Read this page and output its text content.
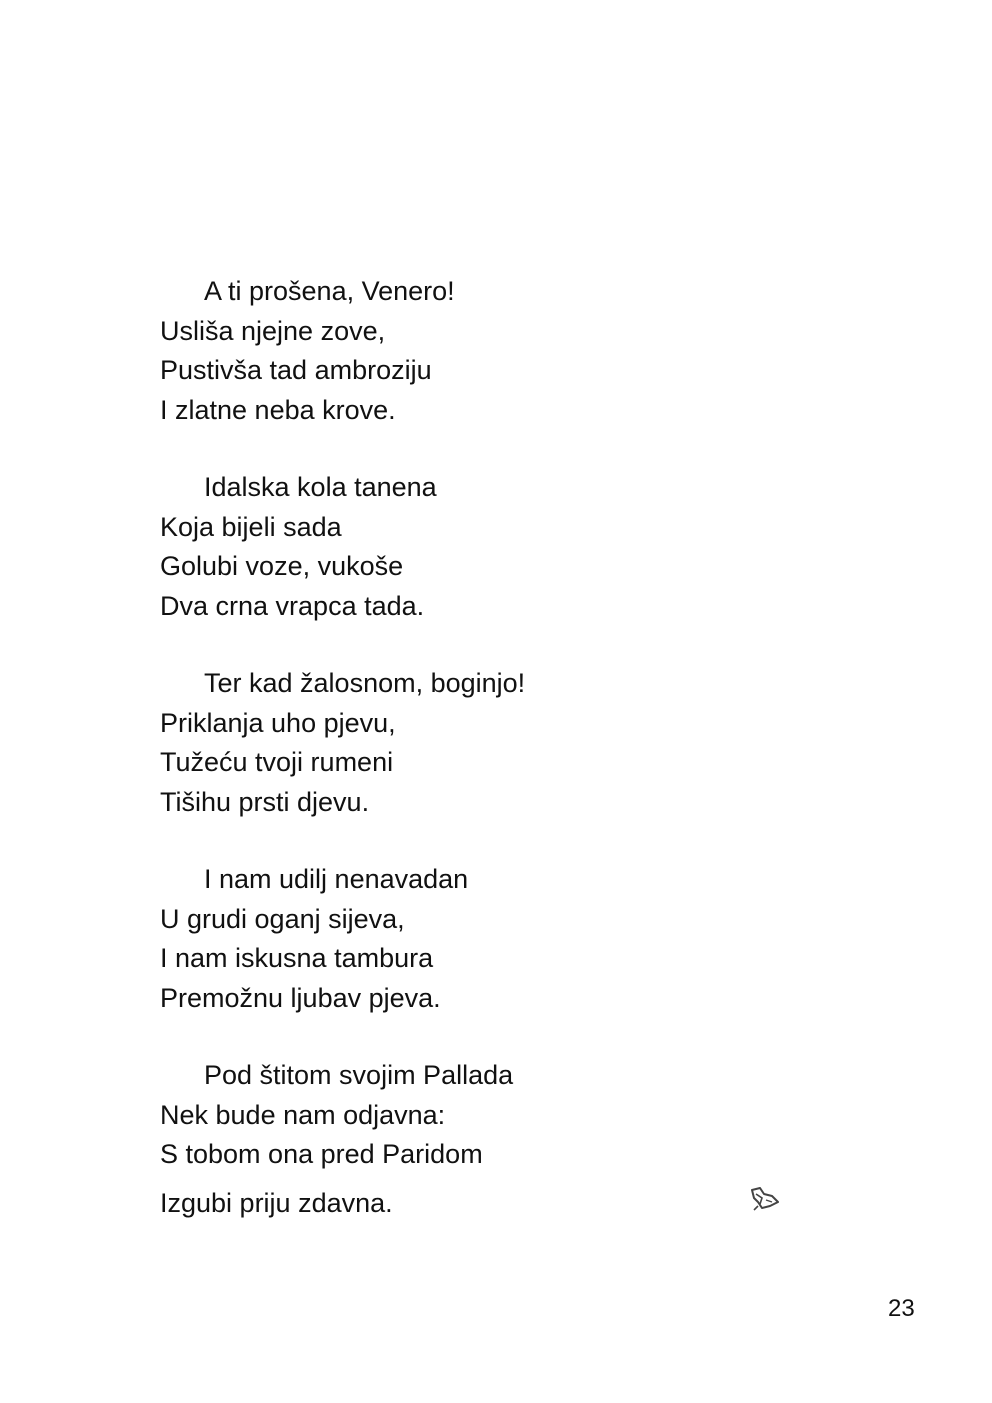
A ti prošena, Venero!
Usliša njejne zove,
Pustivša tad ambroziju
I zlatne neba krove.
Idalska kola tanena
Koja bijeli sada
Golubi voze, vukoše
Dva crna vrapca tada.
Ter kad žalosnom, boginjo!
Priklanja uho pjevu,
Tužeću tvoji rumeni
Tišihu prsti djevu.
I nam udilj nenavadan
U grudi oganj sijeva,
I nam iskusna tambura
Premožnu ljubav pjeva.
Pod štitom svojim Pallada
Nek bude nam odjavna:
S tobom ona pred Paridom
Izgubi priju zdavna.
23
